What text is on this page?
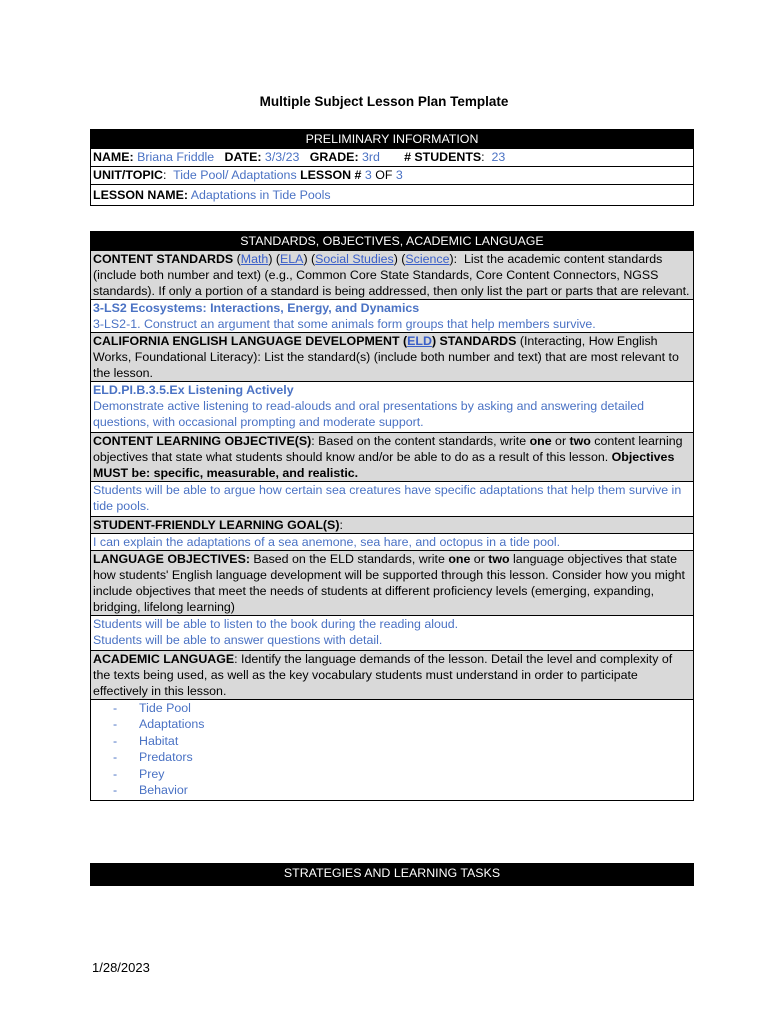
Multiple Subject Lesson Plan Template
PRELIMINARY INFORMATION
NAME: Briana Friddle DATE: 3/3/23 GRADE: 3rd # STUDENTS:  23
UNIT/TOPIC:  Tide Pool/ Adaptations LESSON # 3 OF 3
LESSON NAME: Adaptations in Tide Pools
STANDARDS, OBJECTIVES, ACADEMIC LANGUAGE
CONTENT STANDARDS (Math) (ELA) (Social Studies) (Science):  List the academic content standards (include both number and text) (e.g., Common Core State Standards, Core Content Connectors, NGSS standards). If only a portion of a standard is being addressed, then only list the part or parts that are relevant.

3-LS2 Ecosystems: Interactions, Energy, and Dynamics
3-LS2-1. Construct an argument that some animals form groups that help members survive.

CALIFORNIA ENGLISH LANGUAGE DEVELOPMENT (ELD) STANDARDS (Interacting, How English Works, Foundational Literacy): List the standard(s) (include both number and text) that are most relevant to the lesson.

ELD.PI.B.3.5.Ex Listening Actively
Demonstrate active listening to read-alouds and oral presentations by asking and answering detailed questions, with occasional prompting and moderate support.

CONTENT LEARNING OBJECTIVE(S): Based on the content standards, write one or two content learning objectives that state what students should know and/or be able to do as a result of this lesson. Objectives MUST be: specific, measurable, and realistic.
Students will be able to argue how certain sea creatures have specific adaptations that help them survive in tide pools.
STUDENT-FRIENDLY LEARNING GOAL(S):
I can explain the adaptations of a sea anemone, sea hare, and octopus in a tide pool.
LANGUAGE OBJECTIVES: Based on the ELD standards, write one or two language objectives that state how students' English language development will be supported through this lesson. Consider how you might include objectives that meet the needs of students at different proficiency levels (emerging, expanding, bridging, lifelong learning)

Students will be able to listen to the book during the reading aloud.
Students will be able to answer questions with detail.

ACADEMIC LANGUAGE: Identify the language demands of the lesson. Detail the level and complexity of the texts being used, as well as the key vocabulary students must understand in order to participate effectively in this lesson.

- Tide Pool
- Adaptations
- Habitat
- Predators
- Prey
- Behavior
STRATEGIES AND LEARNING TASKS
1/28/2023
